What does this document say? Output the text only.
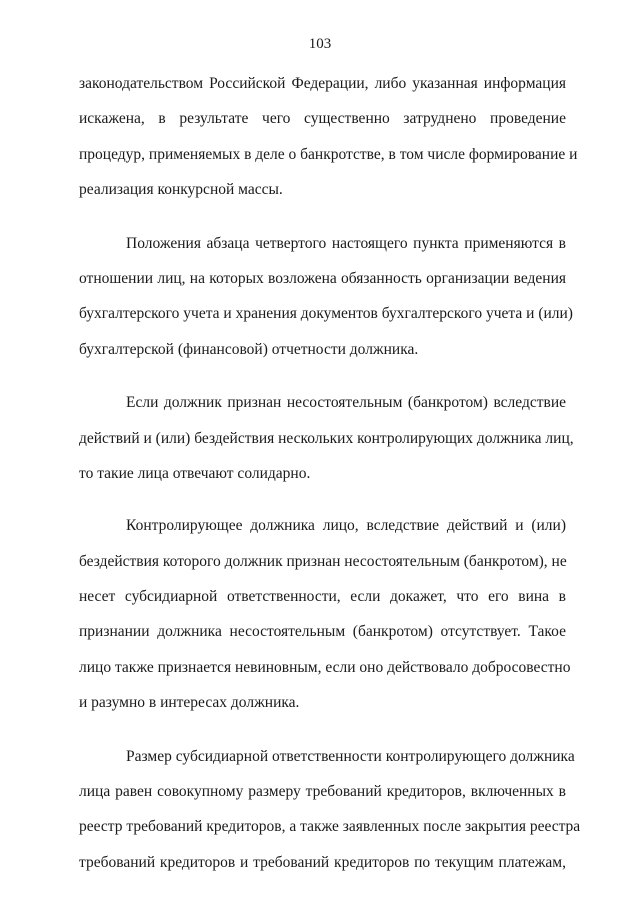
103

законодательством Российской Федерации, либо указанная информация
искажена, в результате чего существенно затруднено проведение
процедур, применяемых в деле о банкротстве, в том числе формирование и
реализация конкурсной массы.

Положения абзаца четвертого настоящего пункта применяются в
отношении лиц, на которых возложена обязанность организации ведения
бухгалтерского учета и хранения документов бухгалтерского учета и (или)
бухгалтерской (финансовой) отчетности должника.

Если должник признан несостоятельным (банкротом) вследствие
действий и (или) бездействия нескольких контролирующих должника лиц,
то такие лица отвечают солидарно.

Контролирующее должника лицо, вследствие действий и (или)
бездействия которого должник признан несостоятельным (банкротом), не
несет субсидиарной ответственности, если докажет, что его вина в
признании должника несостоятельным (банкротом) отсутствует. Такое
лицо также признается невиновным, если оно действовало добросовестно
и разумно в интересах должника.

Размер субсидиарной ответственности контролирующего должника
лица равен совокупному размеру требований кредиторов, включенных в
реестр требований кредиторов, а также заявленных после закрытия реестра
требований кредиторов и требований кредиторов по текущим платежам,
